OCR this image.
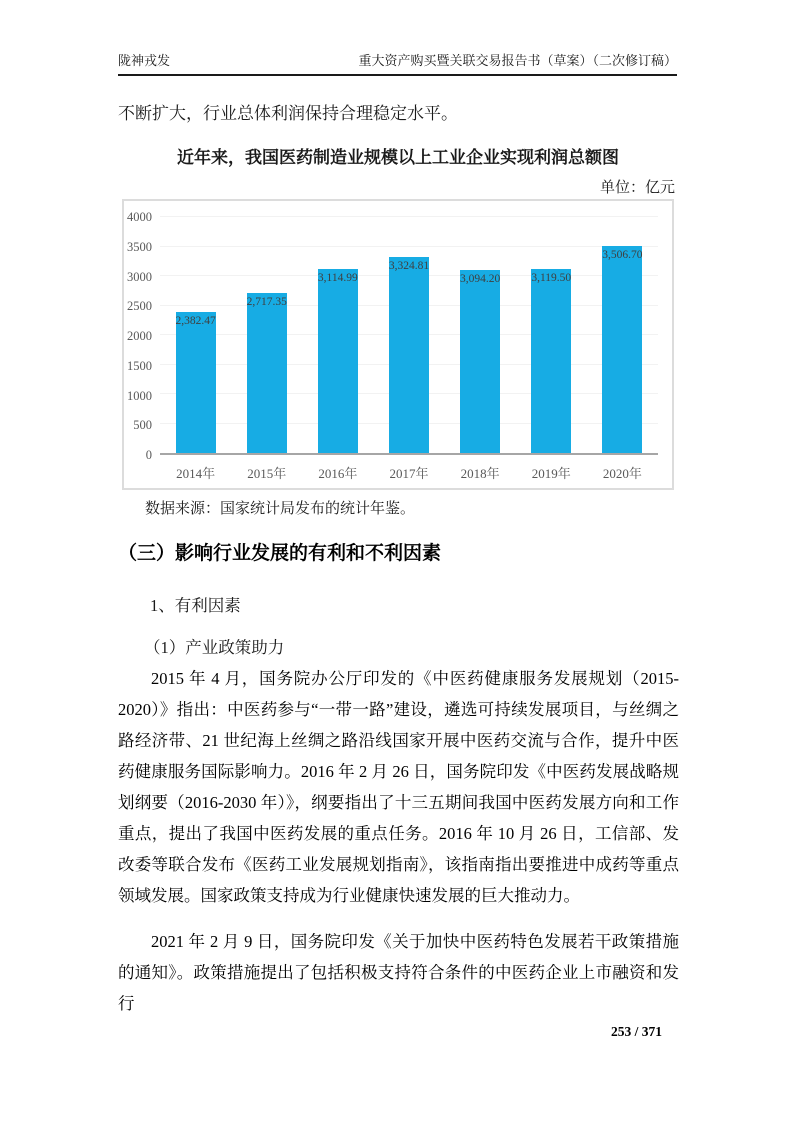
陇神戎发	重大资产购买暨关联交易报告书（草案）（二次修订稿）
不断扩大，行业总体利润保持合理稳定水平。
近年来，我国医药制造业规模以上工业企业实现利润总额图
单位：亿元
0
500
1000
1500
2000
2500
3000
3500
4000
2,382.47
2,717.35
3,114.99
3,324.81
3,094.20	3,119.50
3,506.70
2014年	2015年	2016年	2017年	2018年	2019年	2020年
数据来源：国家统计局发布的统计年鉴。
（三）影响行业发展的有利和不利因素
1、有利因素
（1）产业政策助力
2015 年 4 月，国务院办公厅印发的《中医药健康服务发展规划（2015-2020）》指出：中医药参与“一带一路”建设，遴选可持续发展项目，与丝绸之路经济带、21 世纪海上丝绸之路沿线国家开展中医药交流与合作，提升中医药健康服务国际影响力。2016 年 2 月 26 日，国务院印发《中医药发展战略规划纲要（2016-2030 年）》，纲要指出了十三五期间我国中医药发展方向和工作重点，提出了我国中医药发展的重点任务。2016 年 10 月 26 日，工信部、发改委等联合发布《医药工业发展规划指南》，该指南指出要推进中成药等重点领域发展。国家政策支持成为行业健康快速发展的巨大推动力。
2021 年 2 月 9 日，国务院印发《关于加快中医药特色发展若干政策措施的通知》。政策措施提出了包括积极支持符合条件的中医药企业上市融资和发行
253 / 371
